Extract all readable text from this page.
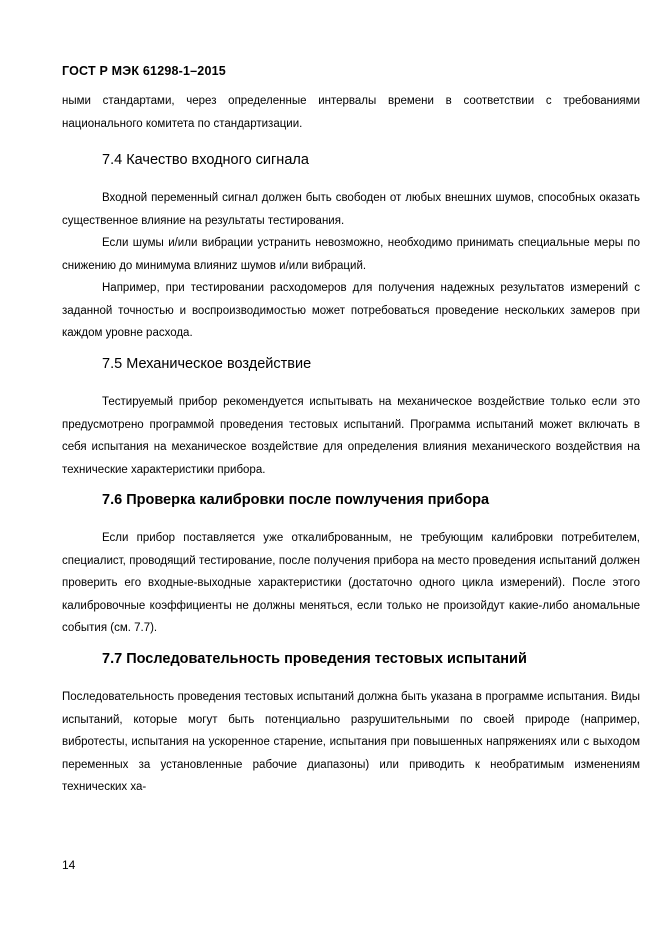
ГОСТ Р МЭК 61298-1–2015

ными стандартами, через определенные интервалы времени в соответствии с требованиями национального комитета по стандартизации.

7.4 Качество входного сигнала

Входной переменный сигнал должен быть свободен от любых внешних шумов, способных оказать существенное влияние на результаты тестирования.

Если шумы и/или вибрации устранить невозможно, необходимо принимать специальные меры по снижению до минимума влияниz шумов и/или вибраций.

Например, при тестировании расходомеров для получения надежных результатов измерений с заданной точностью и воспроизводимостью может потребоваться проведение нескольких замеров при каждом уровне расхода.

7.5 Механическое воздействие

Тестируемый прибор рекомендуется испытывать на механическое воздействие только если это предусмотрено программой проведения тестовых испытаний. Программа испытаний может включать в себя испытания на механическое воздействие для определения влияния механического воздействия на технические характеристики прибора.

7.6 Проверка калибровки после поwлучения прибора

Если прибор поставляется уже откалиброванным, не требующим калибровки потребителем, специалист, проводящий тестирование, после получения прибора на место проведения испытаний должен проверить его входные-выходные характеристики (достаточно одного цикла измерений). После этого калибровочные коэффициенты не должны меняться, если только не произойдут какие-либо аномальные события (см. 7.7).

7.7 Последовательность проведения тестовых испытаний

Последовательность проведения тестовых испытаний должна быть указана в программе испытания. Виды испытаний, которые могут быть потенциально разрушительными по своей природе (например, вибротесты, испытания на ускоренное старение, испытания при повышенных напряжениях или с выходом переменных за установленные рабочие диапазоны) или приводить к необратимым изменениям технических ха-

14
